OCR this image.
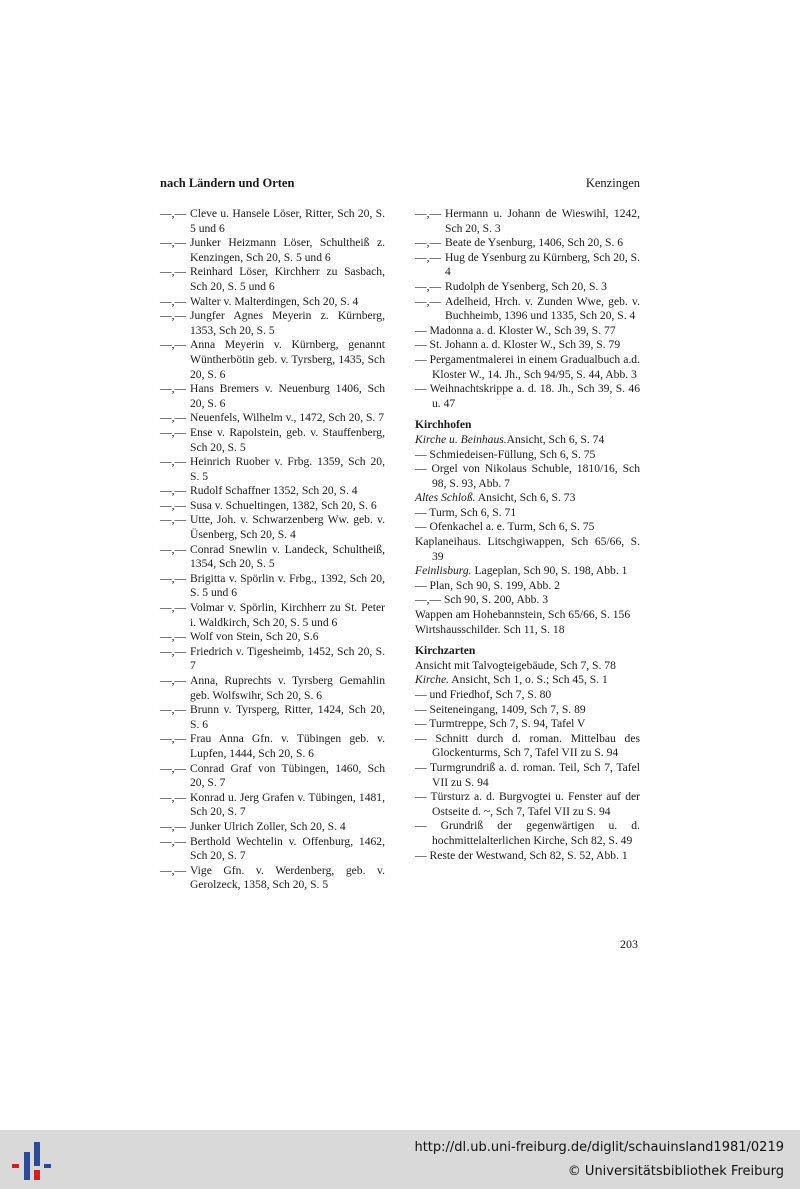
nach Ländern und Orten	Kenzingen
—,— Cleve u. Hansele Löser, Ritter, Sch 20, S. 5 und 6
—,— Junker Heizmann Löser, Schultheiß z. Kenzingen, Sch 20, S. 5 und 6
—,— Reinhard Löser, Kirchherr zu Sasbach, Sch 20, S. 5 und 6
—,— Walter v. Malterdingen, Sch 20, S. 4
—,— Jungfer Agnes Meyerin z. Kürnberg, 1353, Sch 20, S. 5
—,— Anna Meyerin v. Kürnberg, genannt Wüntherbötin geb. v. Tyrsberg, 1435, Sch 20, S. 6
—,— Hans Bremers v. Neuenburg 1406, Sch 20, S. 6
—,— Neuenfels, Wilhelm v., 1472, Sch 20, S. 7
—,— Ense v. Rapolstein, geb. v. Stauffenberg, Sch 20, S. 5
—,— Heinrich Ruober v. Frbg. 1359, Sch 20, S. 5
—,— Rudolf Schaffner 1352, Sch 20, S. 4
—,— Susa v. Schueltingen, 1382, Sch 20, S. 6
—,— Utte, Joh. v. Schwarzenberg Ww. geb. v. Üsenberg, Sch 20, S. 4
—,— Conrad Snewlin v. Landeck, Schultheiß, 1354, Sch 20, S. 5
—,— Brigitta v. Spörlin v. Frbg., 1392, Sch 20, S. 5 und 6
—,— Volmar v. Spörlin, Kirchherr zu St. Peter i. Waldkirch, Sch 20, S. 5 und 6
—,— Wolf von Stein, Sch 20, S.6
—,— Friedrich v. Tigesheimb, 1452, Sch 20, S. 7
—,— Anna, Ruprechts v. Tyrsberg Gemahlin geb. Wolfswihr, Sch 20, S. 6
—,— Brunn v. Tyrsperg, Ritter, 1424, Sch 20, S. 6
—,— Frau Anna Gfn. v. Tübingen geb. v. Lupfen, 1444, Sch 20, S. 6
—,— Conrad Graf von Tübingen, 1460, Sch 20, S. 7
—,— Konrad u. Jerg Grafen v. Tübingen, 1481, Sch 20, S. 7
—,— Junker Ulrich Zoller, Sch 20, S. 4
—,— Berthold Wechtelin v. Offenburg, 1462, Sch 20, S. 7
—,— Vige Gfn. v. Werdenberg, geb. v. Gerolzeck, 1358, Sch 20, S. 5
—,— Hermann u. Johann de Wieswihl, 1242, Sch 20, S. 3
—,— Beate de Ysenburg, 1406, Sch 20, S. 6
—,— Hug de Ysenburg zu Kürnberg, Sch 20, S. 4
—,— Rudolph de Ysenberg, Sch 20, S. 3
—,— Adelheid, Hrch. v. Zunden Wwe, geb. v. Buchheimb, 1396 und 1335, Sch 20, S. 4
— Madonna a. d. Kloster W., Sch 39, S. 77
— St. Johann a. d. Kloster W., Sch 39, S. 79
— Pergamentmalerei in einem Gradualbuch a.d. Kloster W., 14. Jh., Sch 94/95, S. 44, Abb. 3
— Weihnachtskrippe a. d. 18. Jh., Sch 39, S. 46 u. 47
Kirchhofen
Kirche u. Beinhaus.Ansicht, Sch 6, S. 74
— Schmiedeisen-Füllung, Sch 6, S. 75
— Orgel von Nikolaus Schuble, 1810/16, Sch 98, S. 93, Abb. 7
Altes Schloß. Ansicht, Sch 6, S. 73
— Turm, Sch 6, S. 71
— Ofenkachel a. e. Turm, Sch 6, S. 75
Kaplaneihaus. Litschgiwappen, Sch 65/66, S. 39
Feinlisburg. Lageplan, Sch 90, S. 198, Abb. 1
— Plan, Sch 90, S. 199, Abb. 2
—,— Sch 90, S. 200, Abb. 3
Wappen am Hohebannstein, Sch 65/66, S. 156
Wirtshausschilder. Sch 11, S. 18
Kirchzarten
Ansicht mit Talvogteigebäude, Sch 7, S. 78
Kirche. Ansicht, Sch 1, o. S.; Sch 45, S. 1
— und Friedhof, Sch 7, S. 80
— Seiteneingang, 1409, Sch 7, S. 89
— Turmtreppe, Sch 7, S. 94, Tafel V
— Schnitt durch d. roman. Mittelbau des Glockenturms, Sch 7, Tafel VII zu S. 94
— Turmgrundriß a. d. roman. Teil, Sch 7, Tafel VII zu S. 94
— Türsturz a. d. Burgvogtei u. Fenster auf der Ostseite d. ~, Sch 7, Tafel VII zu S. 94
— Grundriß der gegenwärtigen u. d. hochmittelalterlichen Kirche, Sch 82, S. 49
— Reste der Westwand, Sch 82, S. 52, Abb. 1
203
http://dl.ub.uni-freiburg.de/diglit/schauinsland1981/0219
© Universitätsbibliothek Freiburg
